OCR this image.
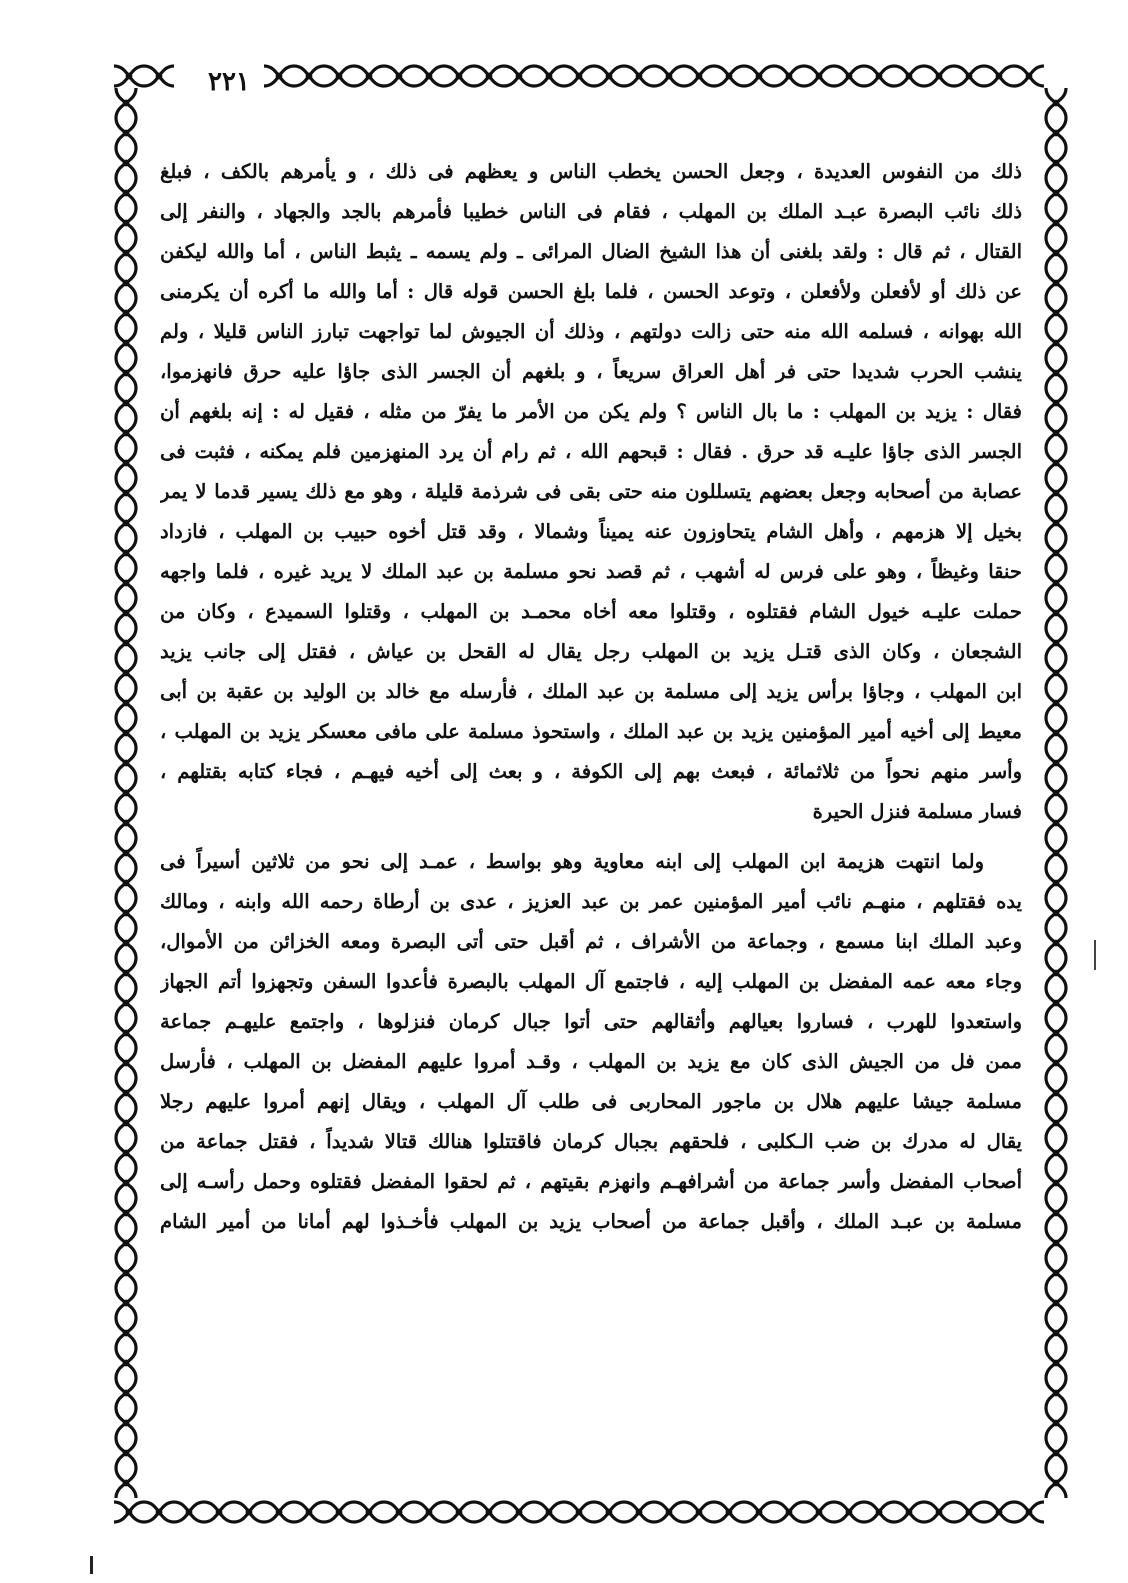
٢٢١
ذلك من النفوس العديدة ، وجعل الحسن يخطب الناس و يعظهم فى ذلك ، و يأمرهم بالكف ، فبلغ
ذلك نائب البصرة عبـد الملك بن المهلب ، فقام فى الناس خطيبا فأمرهم بالجد والجهاد ، والنفر إلى
القتال ، ثم قال : ولقد بلغنى أن هذا الشيخ الضال المرائى ـ ولم يسمه ـ يثبط الناس ، أما والله ليكفن
عن ذلك أو لأفعلن ولأفعلن ، وتوعد الحسن ، فلما بلغ الحسن قوله قال : أما والله ما أكره أن يكرمنى
الله بهوانه ، فسلمه الله منه حتى زالت دولتهم ، وذلك أن الجيوش لما تواجهت تبارز الناس قليلا ، ولم
ينشب الحرب شديدا حتى فر أهل العراق سريعاً ، و بلغهم أن الجسر الذى جاؤا عليه حرق فانهزموا،
فقال : يزيد بن المهلب : ما بال الناس ؟ ولم يكن من الأمر ما يفرّ من مثله ، فقيل له : إنه بلغهم أن
الجسر الذى جاؤا عليـه قد حرق . فقال : قبحهم الله ، ثم رام أن يرد المنهزمين فلم يمكنه ، فثبت فى
عصابة من أصحابه وجعل بعضهم يتسللون منه حتى بقى فى شرذمة قليلة ، وهو مع ذلك يسير قدما لا يمر
بخيل إلا هزمهم ، وأهل الشام يتحاوزون عنه يميناً وشمالا ، وقد قتل أخوه حبيب بن المهلب ، فازداد
حنقا وغيظاً ، وهو على فرس له أشهب ، ثم قصد نحو مسلمة بن عبد الملك لا يريد غيره ، فلما واجهه
حملت عليـه خيول الشام فقتلوه ، وقتلوا معه أخاه محمـد بن المهلب ، وقتلوا السميدع ، وكان من
الشجعان ، وكان الذى قتـل يزيد بن المهلب رجل يقال له القحل بن عياش ، فقتل إلى جانب يزيد
ابن المهلب ، وجاؤا برأس يزيد إلى مسلمة بن عبد الملك ، فأرسله مع خالد بن الوليد بن عقبة بن أبى
معيط إلى أخيه أمير المؤمنين يزيد بن عبد الملك ، واستحوذ مسلمة على مافى معسكر يزيد بن المهلب ،
وأسر منهم نحواً من ثلاثمائة ، فبعث بهم إلى الكوفة ، و بعث إلى أخيه فيهـم ، فجاء كتابه بقتلهم ،
فسار مسلمة فنزل الحيرة
ولما انتهت هزيمة ابن المهلب إلى ابنه معاوية وهو بواسط ، عمـد إلى نحو من ثلاثين أسيراً فى
يده فقتلهم ، منهـم نائب أمير المؤمنين عمر بن عبد العزيز ، عدى بن أرطاة رحمه الله وابنه ، ومالك
وعبد الملك ابنا مسمع ، وجماعة من الأشراف ، ثم أقبل حتى أتى البصرة ومعه الخزائن من الأموال،
وجاء معه عمه المفضل بن المهلب إليه ، فاجتمع آل المهلب بالبصرة فأعدوا السفن وتجهزوا أتم الجهاز
واستعدوا للهرب ، فساروا بعيالهم وأثقالهم حتى أتوا جبال كرمان فنزلوها ، واجتمع عليهـم جماعة
ممن فل من الجيش الذى كان مع يزيد بن المهلب ، وقـد أمروا عليهم المفضل بن المهلب ، فأرسل
مسلمة جيشا عليهم هلال بن ماجور المحاربى فى طلب آل المهلب ، ويقال إنهم أمروا عليهم رجلا
يقال له مدرك بن ضب الـكلبى ، فلحقهم بجبال كرمان فاقتتلوا هنالك قتالا شديداً ، فقتل جماعة من
أصحاب المفضل وأسر جماعة من أشرافهـم وانهزم بقيتهم ، ثم لحقوا المفضل فقتلوه وحمل رأسـه إلى
مسلمة بن عبـد الملك ، وأقبل جماعة من أصحاب يزيد بن المهلب فأخـذوا لهم أمانا من أمير الشام
